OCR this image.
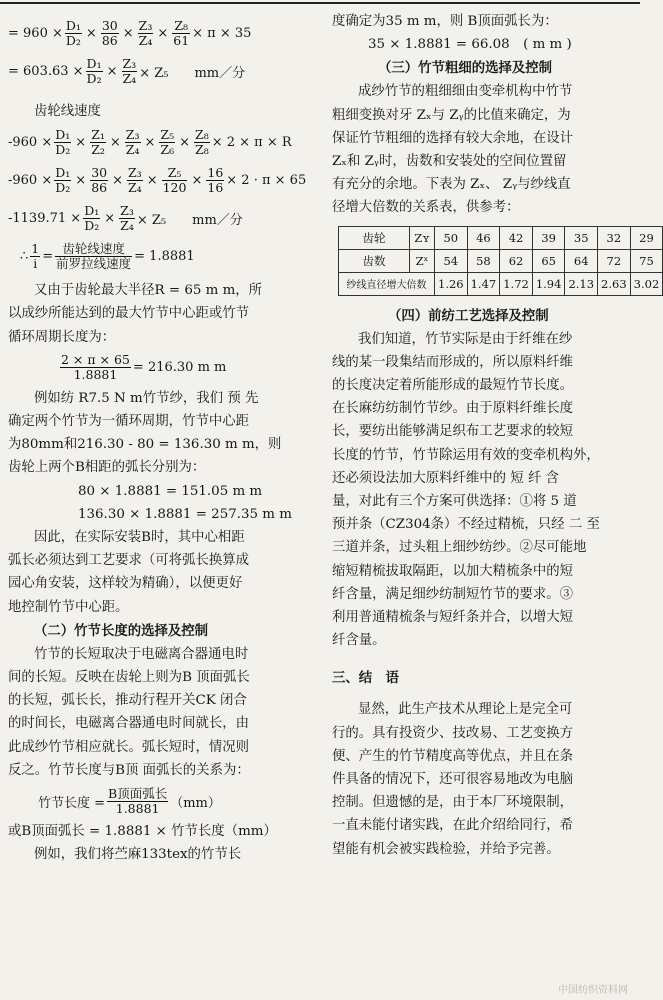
= $960 \times \frac{\text{D₁}}{\text{D₂}} \times \frac{30}{86} \times \frac{\text{Z₃}}{\text{Z₄}} \times \frac{\text{Z₈}}{61} \times \pi \times 35$
= $603.63 \times \frac{\text{D₁}}{\text{D₂}} \times \frac{\text{Z₃}}{\text{Z₄}} \times Z_5$　　mm／分
齿轮线速度
$-960 \times \frac{\text{D₁}}{\text{D₂}} \times \frac{\text{Z₁}}{\text{Z₂}} \times \frac{\text{Z₃}}{\text{Z₄}} \times \frac{\text{Z₅}}{\text{Z₆}} \times \frac{\text{Z₈}}{\text{Z₈}} \times 2 \times \pi \times R$
$-960 \times \frac{\text{D₁}}{\text{D₂}} \times \frac{30}{86} \times \frac{\text{Z₃}}{\text{Z₄}} \times \frac{\text{Z₅}}{120} \times \frac{16}{16} \times 2 \cdot \pi \times 65$
$-1139.71 \times \frac{\text{D₁}}{\text{D₂}} \times \frac{\text{Z₃}}{\text{Z₄}} \times Z_5$　　mm／分
∴ $\frac{1}{i}$ =
齿轮线速度
前罗拉线速度 = 1.8881
又由于齿轮最大半径R = 65 m m，所
以成纱所能达到的最大竹节中心距或竹节
循环周期长度为：
$\frac{2 \times \pi \times 65}{1.8881} = 216.30$ m m
例如纺 R7.5 N m竹节纱，我们 预 先
确定两个竹节为一循环周期，竹节中心距
为80mm和216.30 - 80 = 136.30 m m，则
齿轮上两个B相距的弧长分别为：
80 × 1.8881 = 151.05 m m
136.30 × 1.8881 = 257.35 m m
因此，在实际安装B时，其中心相距
弧长必须达到工艺要求（可将弧长换算成
园心角安装，这样较为精确），以便更好
地控制竹节中心距。
（二）竹节长度的选择及控制
竹节的长短取决于电磁离合器通电时
间的长短。反映在齿轮上则为B 顶面弧长
的长短，弧长长，推动行程开关CK 闭合
的时间长，电磁离合器通电时间就长，由
此成纱竹节相应就长。弧长短时，情况则
反之。竹节长度与B顶 面弧长的关系为：
竹节长度 =
B顶面弧长
1.8881 （mm）
或B顶面弧长 = 1.8881 × 竹节长度（mm）
例如，我们将苎麻133tex的竹节长
度确定为35 m m，则 B顶面弧长为：
35 × 1.8881 = 66.08　( m m )
（三）竹节粗细的选择及控制
成纱竹节的粗细细由变牵机构中竹节
粗细变换对牙 Zₓ与 Zᵧ的比值来确定，为
保证竹节粗细的选择有较大余地，在设计
Zₓ和 Zᵧ时，齿数和安装处的空间位置留
有充分的余地。下表为 Zₓ、 Zᵧ与纱线直
径增大倍数的关系表，供参考：
齿轮	Zʏ	50	46	42	39	35	32	29
齿数	Zˣ	54	58	62	65	64	72	75
纱线直径增大倍数		1.26	1.47	1.72	1.94	2.13	2.63	3.02
（四）前纺工艺选择及控制
我们知道，竹节实际是由于纤维在纱
线的某一段集结而形成的，所以原料纤维
的长度决定着所能形成的最短竹节长度。
在长麻纺纺制竹节纱。由于原料纤维长度
长，要纺出能够满足织布工艺要求的较短
长度的竹节，竹节除运用有效的变牵机构外，
还必须设法加大原料纤维中的 短 纤 含
量，对此有三个方案可供选择：①将 5 道
预并条（CZ304条）不经过精梳，只经 二 至
三道并条，过头粗上细纱纺纱。②尽可能地
缩短精梳拔取隔距，以加大精梳条中的短
纤含量，满足细纱纺制短竹节的要求。③
利用普通精梳条与短纤条并合，以增大短
纤含量。
三、结　语
显然，此生产技术从理论上是完全可
行的。具有投资少、技改易、工艺变换方
便、产生的竹节精度高等优点，并且在条
件具备的情况下，还可很容易地改为电脑
控制。但遗憾的是，由于本厂环境限制，
一直未能付诸实践，在此介绍给同行，希
望能有机会被实践检验，并给予完善。
中国纺织资料网
